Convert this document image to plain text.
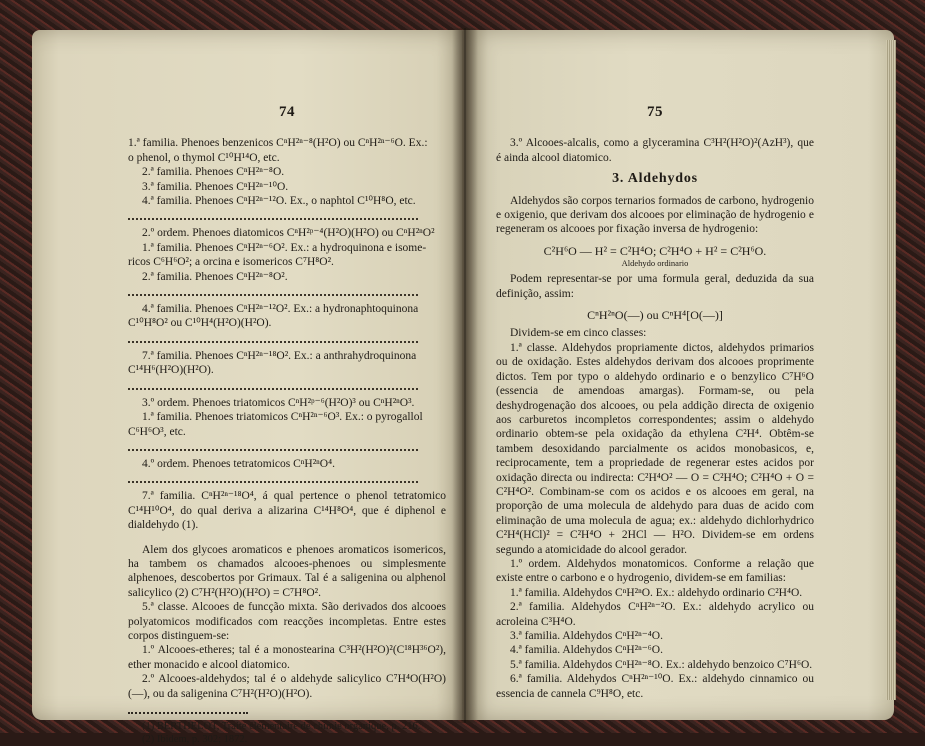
74

1.ª familia. Phenoes benzenicos CⁿH²ⁿ⁻⁸(H²O) ou CⁿH²ⁿ⁻⁶O. Ex.:

o phenol, o thymol C¹⁰H¹⁴O, etc.

2.ª familia. Phenoes CⁿH²ⁿ⁻⁸O.

3.ª familia. Phenoes CⁿH²ⁿ⁻¹⁰O.

4.ª familia. Phenoes CⁿH²ⁿ⁻¹²O. Ex., o naphtol C¹⁰H⁸O, etc.

2.º ordem. Phenoes diatomicos CⁿH²ᵖ⁻⁴(H²O)(H²O) ou CⁿH²ⁿO²

1.ª familia. Phenoes CⁿH²ⁿ⁻⁶O². Ex.: a hydroquinona e isome-

ricos C⁶H⁶O²; a orcina e isomericos C⁷H⁸O².

2.ª familia. Phenoes CⁿH²ⁿ⁻⁸O².

4.ª familia. Phenoes CⁿH²ⁿ⁻¹²O². Ex.: a hydronaphtoquinona

C¹⁰H⁸O² ou C¹⁰H⁴(H²O)(H²O).

7.ª familia. Phenoes CⁿH²ⁿ⁻¹⁸O². Ex.: a anthrahydroquinona

C¹⁴H⁶(H²O)(H²O).

3.º ordem. Phenoes triatomicos CⁿH²ᵖ⁻⁶(H²O)³ ou CⁿH²ⁿO³.

1.ª familia. Phenoes triatomicos CⁿH²ⁿ⁻⁶O³. Ex.: o pyrogallol

C⁶H⁶O³, etc.

4.º ordem. Phenoes tetratomicos CⁿH²ⁿO⁴.

7.ª familia. CⁿH²ⁿ⁻¹⁸O⁴, á qual pertence o phenol tetratomico C¹⁴H¹⁰O⁴, do qual deriva a alizarina C¹⁴H⁸O⁴, que é diphenol e dialdehydo (1).

Alem dos glycoes aromaticos e phenoes aromaticos isomericos, ha tambem os chamados alcooes-phenoes ou simplesmente alphenoes, descobertos por Grimaux. Tal é a saligenina ou alphenol salicylico (2) C⁷H²(H²O)(H²O) = C⁷H⁸O².

5.ª classe. Alcooes de funcção mixta. São derivados dos alcooes polyatomicos modificados com reacções incompletas. Entre estes corpos distinguem-se:

1.º Alcooes-etheres; tal é a monostearina C³H²(H²O)²(C¹⁸H³⁶O²), ether monacido e alcool diatomico.

2.º Alcooes-aldehydos; tal é o aldehyde salicylico C⁷H⁴O(H²O)(—), ou da saligenina C⁷H²(H²O)(H²O).

(1) BERTHELOT, Traité élémentaire de chimie organique, p. 216.

(2) Ibidem, p. 302; 1872.

75

3.º Alcooes-alcalis, como a glyceramina C³H²(H²O)²(AzH³), que é ainda alcool diatomico.

3. Aldehydos

Aldehydos são corpos ternarios formados de carbono, hydrogenio e oxigenio, que derivam dos alcooes por eliminação de hydrogenio e regeneram os alcooes por fixação inversa de hydrogenio:

C²H⁶O — H² = C²H⁴O; C²H⁴O + H² = C²H⁶O.
Aldehydo ordinario

Podem representar-se por uma formula geral, deduzida da sua definição, assim:

CⁿH²ⁿO(—) ou CⁿH⁴[O(—)]

Dividem-se em cinco classes:

1.ª classe. Aldehydos propriamente dictos, aldehydos primarios ou de oxidação. Estes aldehydos derivam dos alcooes proprimente dictos. Tem por typo o aldehydo ordinario e o benzylico C⁷H⁶O (essencia de amendoas amargas). Formam-se, ou pela deshydrogenação dos alcooes, ou pela addição directa de oxigenio aos carburetos incompletos correspondentes; assim o aldehydo ordinario obtem-se pela oxidação da ethylena C²H⁴. Obtêm-se tambem desoxidando parcialmente os acidos monobasicos, e, reciprocamente, tem a propriedade de regenerar estes acidos por oxidação directa ou indirecta: C²H⁴O² — O = C²H⁴O; C²H⁴O + O = C²H⁴O². Combinam-se com os acidos e os alcooes em geral, na proporção de uma molecula de aldehydo para duas de acido com eliminação de uma molecula de agua; ex.: aldehydo dichlorhydrico C²H⁴(HCl)² = C²H⁴O + 2HCl — H²O. Dividem-se em ordens segundo a atomicidade do alcool gerador.

1.º ordem. Aldehydos monatomicos. Conforme a relação que existe entre o carbono e o hydrogenio, dividem-se em familias:

1.ª familia. Aldehydos CⁿH²ⁿO. Ex.: aldehydo ordinario C²H⁴O.

2.ª familia. Aldehydos CⁿH²ⁿ⁻²O. Ex.: aldehydo acrylico ou acroleina C³H⁴O.

3.ª familia. Aldehydos CⁿH²ⁿ⁻⁴O.

4.ª familia. Aldehydos CⁿH²ⁿ⁻⁶O.

5.ª familia. Aldehydos CⁿH²ⁿ⁻⁸O. Ex.: aldehydo benzoico C⁷H⁶O.

6.ª familia. Aldehydos CⁿH²ⁿ⁻¹⁰O. Ex.: aldehydo cinnamico ou essencia de cannela C⁹H⁸O, etc.
